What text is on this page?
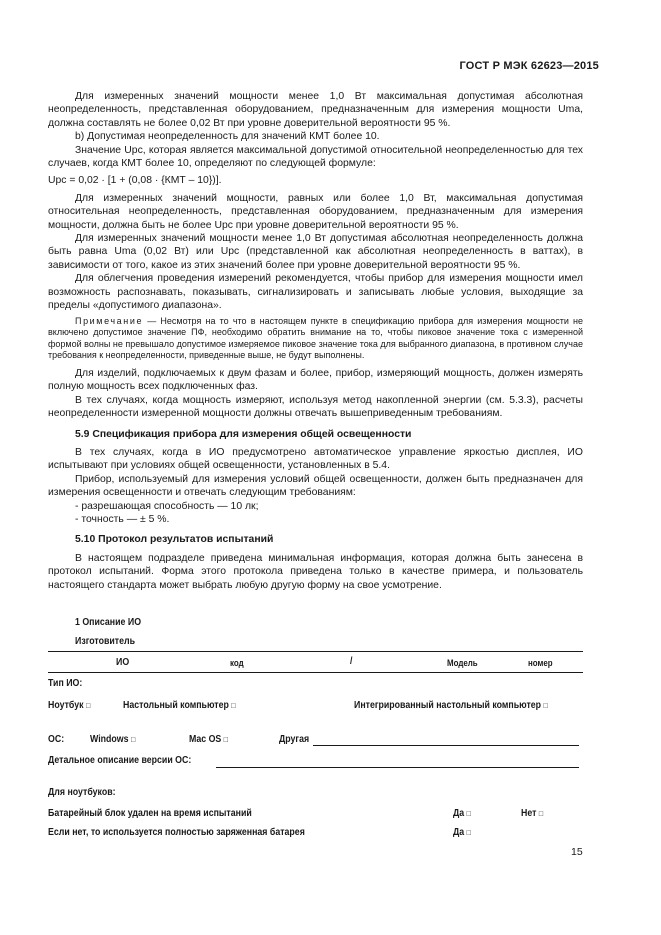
ГОСТ Р МЭК 62623—2015

Для измеренных значений мощности менее 1,0 Вт максимальная допустимая абсолютная неопределенность, представленная оборудованием, предназначенным для измерения мощности Uma, должна составлять не более 0,02 Вт при уровне доверительной вероятности 95 %.

b) Допустимая неопределенность для значений КМТ более 10.

Значение Upc, которая является максимальной допустимой относительной неопределенностью для тех случаев, когда КМТ более 10, определяют по следующей формуле:

Upc = 0,02 · [1 + (0,08 · {КМТ – 10})].

Для измеренных значений мощности, равных или более 1,0 Вт, максимальная допустимая относительная неопределенность, представленная оборудованием, предназначенным для измерения мощности, должна быть не более Upc при уровне доверительной вероятности 95 %.

Для измеренных значений мощности менее 1,0 Вт допустимая абсолютная неопределенность должна быть равна Uma (0,02 Вт) или Upc (представленной как абсолютная неопределенность в ваттах), в зависимости от того, какое из этих значений более при уровне доверительной вероятности 95 %.

Для облегчения проведения измерений рекомендуется, чтобы прибор для измерения мощности имел возможность распознавать, показывать, сигнализировать и записывать любые условия, выходящие за пределы «допустимого диапазона».

Примечание — Несмотря на то что в настоящем пункте в спецификацию прибора для измерения мощности не включено допустимое значение ПФ, необходимо обратить внимание на то, чтобы пиковое значение тока с измеренной формой волны не превышало допустимое измеряемое пиковое значение тока для выбранного диапазона, в противном случае требования к неопределенности, приведенные выше, не будут выполнены.

Для изделий, подключаемых к двум фазам и более, прибор, измеряющий мощность, должен измерять полную мощность всех подключенных фаз.

В тех случаях, когда мощность измеряют, используя метод накопленной энергии (см. 5.3.3), расчеты неопределенности измеренной мощности должны отвечать вышеприведенным требованиям.

5.9 Спецификация прибора для измерения общей освещенности

В тех случаях, когда в ИО предусмотрено автоматическое управление яркостью дисплея, ИО испытывают при условиях общей освещенности, установленных в 5.4.

Прибор, используемый для измерения условий общей освещенности, должен быть предназначен для измерения освещенности и отвечать следующим требованиям:

- разрешающая способность — 10 лк;

- точность — ± 5 %.

5.10 Протокол результатов испытаний

В настоящем подразделе приведена минимальная информация, которая должна быть занесена в протокол испытаний. Форма этого протокола приведена только в качестве примера, и пользователь настоящего стандарта может выбрать любую другую форму на свое усмотрение.

1 Описание ИО
Изготовитель
ИО	код	/	Модель	номер
Тип ИО:
Ноутбук □	Настольный компьютер □	Интегрированный настольный компьютер □
ОС:	Windows □	Mac OS □	Другая
Детальное описание версии ОС:
Для ноутбуков:
Батарейный блок удален на время испытаний	Да □	Нет □
Если нет, то используется полностью заряженная батарея	Да □
15
